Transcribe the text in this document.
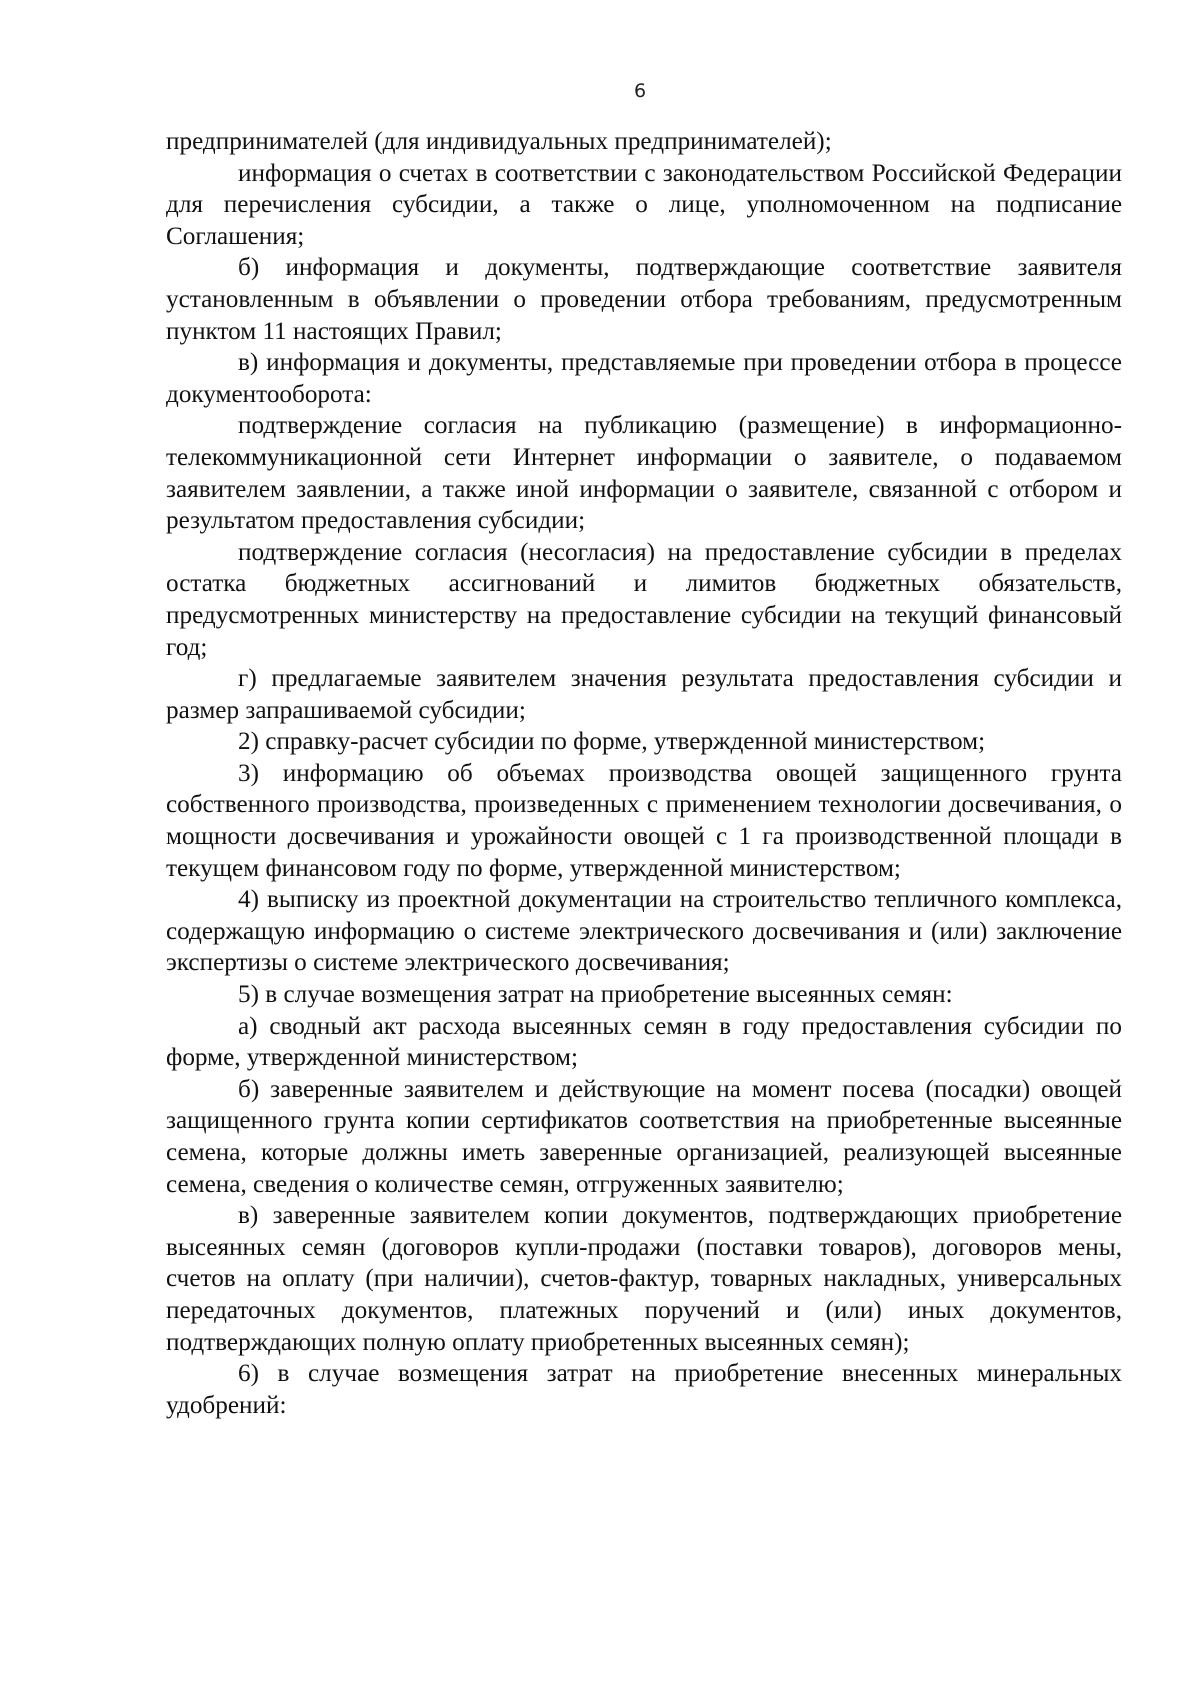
6

предпринимателей (для индивидуальных предпринимателей);

информация о счетах в соответствии с законодательством Российской Федерации для перечисления субсидии, а также о лице, уполномоченном на подписание Соглашения;

б) информация и документы, подтверждающие соответствие заявителя установленным в объявлении о проведении отбора требованиям, предусмотренным пунктом 11 настоящих Правил;

в) информация и документы, представляемые при проведении отбора в процессе документооборота:

подтверждение согласия на публикацию (размещение) в информационно-телекоммуникационной сети Интернет информации о заявителе, о подаваемом заявителем заявлении, а также иной информации о заявителе, связанной с отбором и результатом предоставления субсидии;

подтверждение согласия (несогласия) на предоставление субсидии в пределах остатка бюджетных ассигнований и лимитов бюджетных обязательств, предусмотренных министерству на предоставление субсидии на текущий финансовый год;

г) предлагаемые заявителем значения результата предоставления субсидии и размер запрашиваемой субсидии;

2) справку-расчет субсидии по форме, утвержденной министерством;

3) информацию об объемах производства овощей защищенного грунта собственного производства, произведенных с применением технологии досвечивания, о мощности досвечивания и урожайности овощей с 1 га производственной площади в текущем финансовом году по форме, утвержденной министерством;

4) выписку из проектной документации на строительство тепличного комплекса, содержащую информацию о системе электрического досвечивания и (или) заключение экспертизы о системе электрического досвечивания;

5) в случае возмещения затрат на приобретение высеянных семян:

а) сводный акт расхода высеянных семян в году предоставления субсидии по форме, утвержденной министерством;

б) заверенные заявителем и действующие на момент посева (посадки) овощей защищенного грунта копии сертификатов соответствия на приобретенные высеянные семена, которые должны иметь заверенные организацией, реализующей высеянные семена, сведения о количестве семян, отгруженных заявителю;

в) заверенные заявителем копии документов, подтверждающих приобретение высеянных семян (договоров купли-продажи (поставки товаров), договоров мены, счетов на оплату (при наличии), счетов-фактур, товарных накладных, универсальных передаточных документов, платежных поручений и (или) иных документов, подтверждающих полную оплату приобретенных высеянных семян);

6) в случае возмещения затрат на приобретение внесенных минеральных удобрений:
